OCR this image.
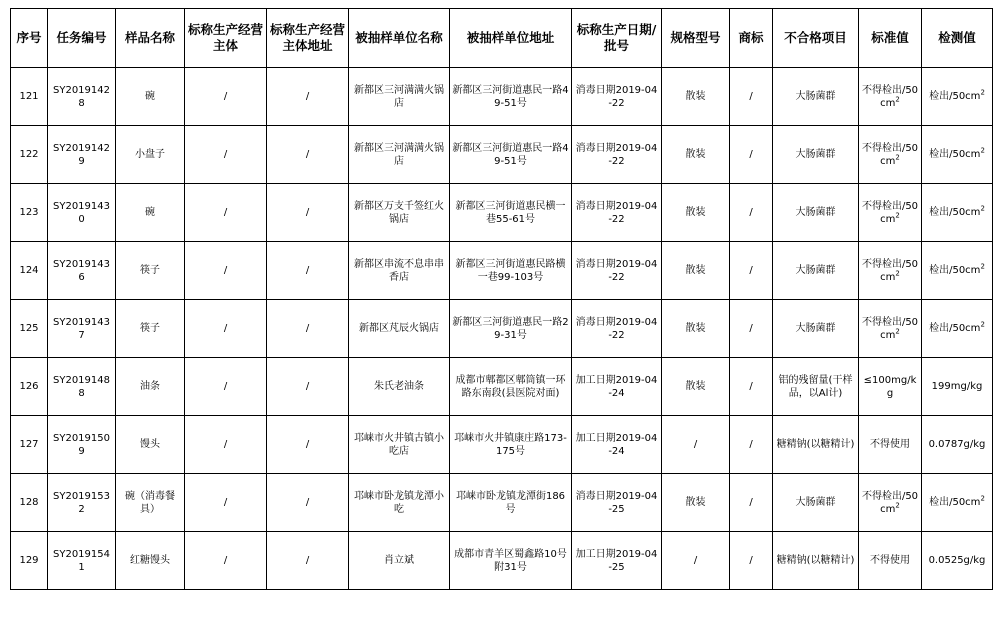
序号	任务编号	样品名称	标称生产经营主体	标称生产经营主体地址	被抽样单位名称	被抽样单位地址	标称生产日期/批号	规格型号	商标	不合格项目	标准值	检测值
121	SY20191428	碗	/	/	新都区三河满满火锅店	新都区三河街道惠民一路49-51号	消毒日期2019-04-22	散装	/	大肠菌群	不得检出$/50cm^2$	检出$/50cm^2$
122	SY20191429	小盘子	/	/	新都区三河满满火锅店	新都区三河街道惠民一路49-51号	消毒日期2019-04-22	散装	/	大肠菌群	不得检出$/50cm^2$	检出$/50cm^2$
123	SY20191430	碗	/	/	新都区万支千签红火锅店	新都区三河街道惠民横一巷55-61号	消毒日期2019-04-22	散装	/	大肠菌群	不得检出$/50cm^2$	检出$/50cm^2$
124	SY20191436	筷子	/	/	新都区串流不息串串香店	新都区三河街道惠民路横一巷99-103号	消毒日期2019-04-22	散装	/	大肠菌群	不得检出$/50cm^2$	检出$/50cm^2$
125	SY20191437	筷子	/	/	新都区芃辰火锅店	新都区三河街道惠民一路29-31号	消毒日期2019-04-22	散装	/	大肠菌群	不得检出$/50cm^2$	检出$/50cm^2$
126	SY20191488	油条	/	/	朱氏老油条	成都市郫都区郫筒镇一环路东南段(县医院对面)	加工日期2019-04-24	散装	/	铝的残留量(干样品，以Al计)	≤100mg/kg	199mg/kg
127	SY20191509	馒头	/	/	邛崃市火井镇古镇小吃店	邛崃市火井镇康庄路173-175号	加工日期2019-04-24	/	/	糖精钠(以糖精计)	不得使用	0.0787g/kg
128	SY20191532	碗（消毒餐具）	/	/	邛崃市卧龙镇龙潭小吃	邛崃市卧龙镇龙潭街186号	消毒日期2019-04-25	散装	/	大肠菌群	不得检出$/50cm^2$	检出$/50cm^2$
129	SY20191541	红糖馒头	/	/	肖立斌	成都市青羊区蜀鑫路10号附31号	加工日期2019-04-25	/	/	糖精钠(以糖精计)	不得使用	0.0525g/kg
